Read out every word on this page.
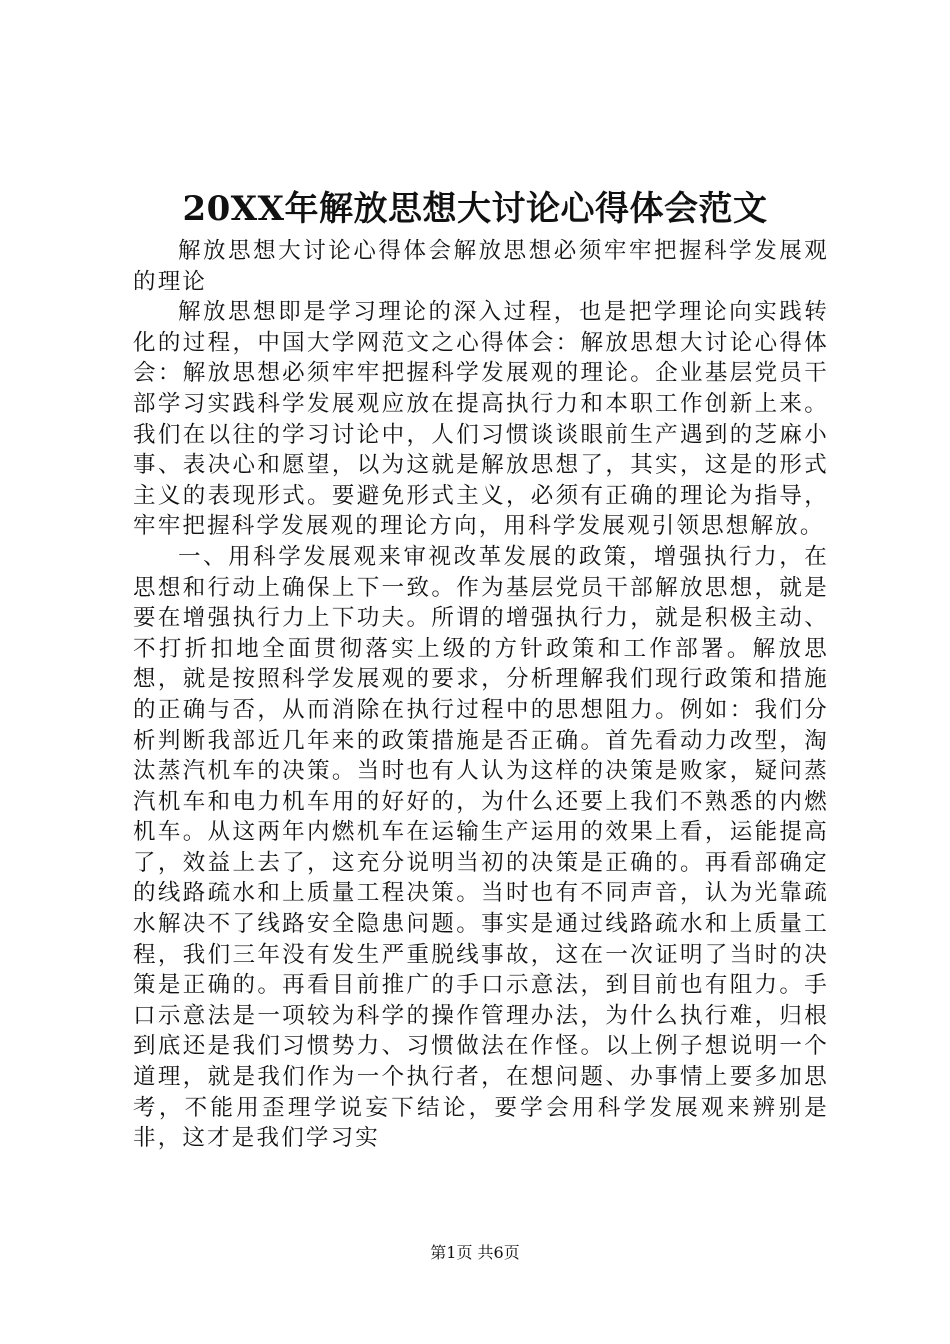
20XX年解放思想大讨论心得体会范文

解放思想大讨论心得体会解放思想必须牢牢把握科学发展观的理论

解放思想即是学习理论的深入过程，也是把学理论向实践转化的过程，中国大学网范文之心得体会：解放思想大讨论心得体会：解放思想必须牢牢把握科学发展观的理论。企业基层党员干部学习实践科学发展观应放在提高执行力和本职工作创新上来。我们在以往的学习讨论中，人们习惯谈谈眼前生产遇到的芝麻小事、表决心和愿望，以为这就是解放思想了，其实，这是的形式主义的表现形式。要避免形式主义，必须有正确的理论为指导，牢牢把握科学发展观的理论方向，用科学发展观引领思想解放。

一、用科学发展观来审视改革发展的政策，增强执行力，在思想和行动上确保上下一致。作为基层党员干部解放思想，就是要在增强执行力上下功夫。所谓的增强执行力，就是积极主动、不打折扣地全面贯彻落实上级的方针政策和工作部署。解放思想，就是按照科学发展观的要求，分析理解我们现行政策和措施的正确与否，从而消除在执行过程中的思想阻力。例如：我们分析判断我部近几年来的政策措施是否正确。首先看动力改型，淘汰蒸汽机车的决策。当时也有人认为这样的决策是败家，疑问蒸汽机车和电力机车用的好好的，为什么还要上我们不熟悉的内燃机车。从这两年内燃机车在运输生产运用的效果上看，运能提高了，效益上去了，这充分说明当初的决策是正确的。再看部确定的线路疏水和上质量工程决策。当时也有不同声音，认为光靠疏水解决不了线路安全隐患问题。事实是通过线路疏水和上质量工程，我们三年没有发生严重脱线事故，这在一次证明了当时的决策是正确的。再看目前推广的手口示意法，到目前也有阻力。手口示意法是一项较为科学的操作管理办法，为什么执行难，归根到底还是我们习惯势力、习惯做法在作怪。以上例子想说明一个道理，就是我们作为一个执行者，在想问题、办事情上要多加思考，不能用歪理学说妄下结论，要学会用科学发展观来辨别是非，这才是我们学习实

第1页 共6页
